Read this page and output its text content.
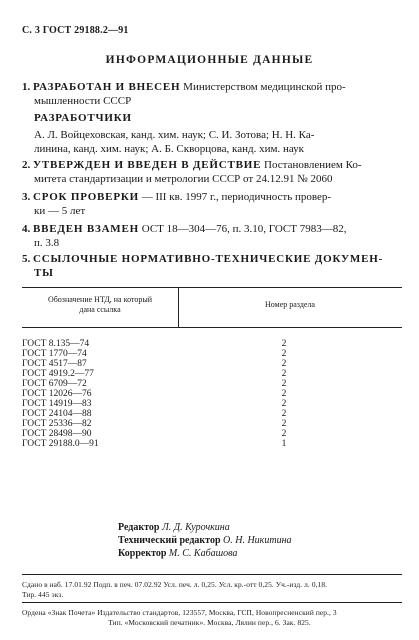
С. 3 ГОСТ 29188.2—91
ИНФОРМАЦИОННЫЕ ДАННЫЕ
1. РАЗРАБОТАН И ВНЕСЕН Министерством медицинской про-
мышленности СССР
РАЗРАБОТЧИКИ
А. Л. Войцеховская, канд. хим. наук; С. И. Зотова; Н. Н. Ка-
линина, канд. хим. наук; А. Б. Скворцова, канд. хим. наук
2. УТВЕРЖДЕН И ВВЕДЕН В ДЕЙСТВИЕ Постановлением Ко-
митета стандартизации и метрологии СССР от 24.12.91 № 2060
3. СРОК ПРОВЕРКИ — III кв. 1997 г., периодичность провер-
ки — 5 лет
4. ВВЕДЕН ВЗАМЕН ОСТ 18—304—76, п. 3.10, ГОСТ 7983—82,
п. 3.8
5. ССЫЛОЧНЫЕ НОРМАТИВНО-ТЕХНИЧЕСКИЕ ДОКУМЕН-
ТЫ
Обозначение НТД, на который
дана ссылка
Номер раздела
ГОСТ 8.135—74	2
ГОСТ 1770—74	2
ГОСТ 4517—87	2
ГОСТ 4919.2—77	2
ГОСТ 6709—72	2
ГОСТ 12026—76	2
ГОСТ 14919—83	2
ГОСТ 24104—88	2
ГОСТ 25336—82	2
ГОСТ 28498—90	2
ГОСТ 29188.0—91	1
Редактор Л. Д. Курочкина
Технический редактор О. Н. Никитина
Корректор М. С. Кабашова
Сдано в наб. 17.01.92 Подп. в печ. 07.02.92 Усл. печ. л. 0,25. Усл. кр.-отт 0,25. Уч.-изд. л. 0,18.
Тир. 445 экз.
Ордена «Знак Почета» Издательство стандартов, 123557, Москва, ГСП, Новопресненский пер., 3
Тип. «Московский печатник». Москва, Лялин пер., 6. Зак. 825.
